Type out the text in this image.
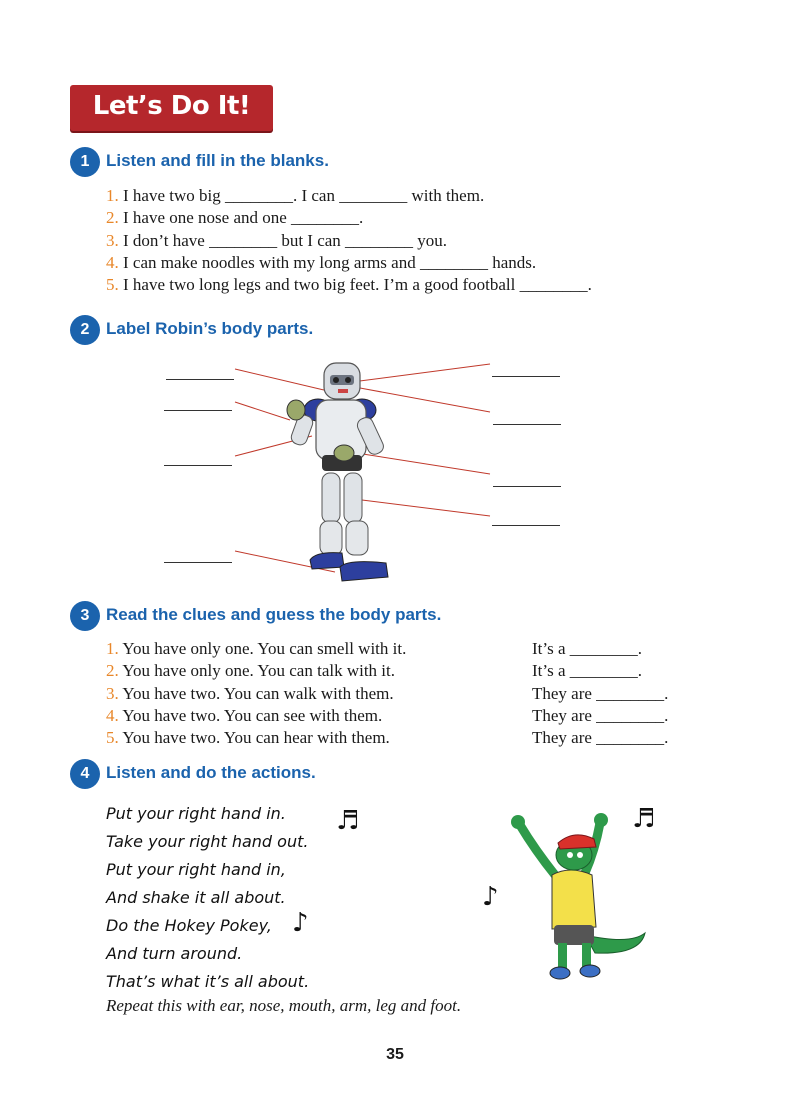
Let’s Do It!
1 Listen and fill in the blanks.
1. I have two big ________. I can ________ with them.
2. I have one nose and one ________.
3. I don’t have ________ but I can ________ you.
4. I can make noodles with my long arms and ________ hands.
5. I have two long legs and two big feet. I’m a good football ________.
2 Label Robin’s body parts.
3 Read the clues and guess the body parts.
1. You have only one. You can smell with it.	It’s a ________.
2. You have only one. You can talk with it.	It’s a ________.
3. You have two. You can walk with them.	They are ________.
4. You have two. You can see with them.	They are ________.
5. You have two. You can hear with them.	They are ________.
4 Listen and do the actions.
Put your right hand in.
Take your right hand out.
Put your right hand in,
And shake it all about.
Do the Hokey Pokey,
And turn around.
That’s what it’s all about.
Repeat this with ear, nose, mouth, arm, leg and foot.
♬
♪
♪
♬
35
